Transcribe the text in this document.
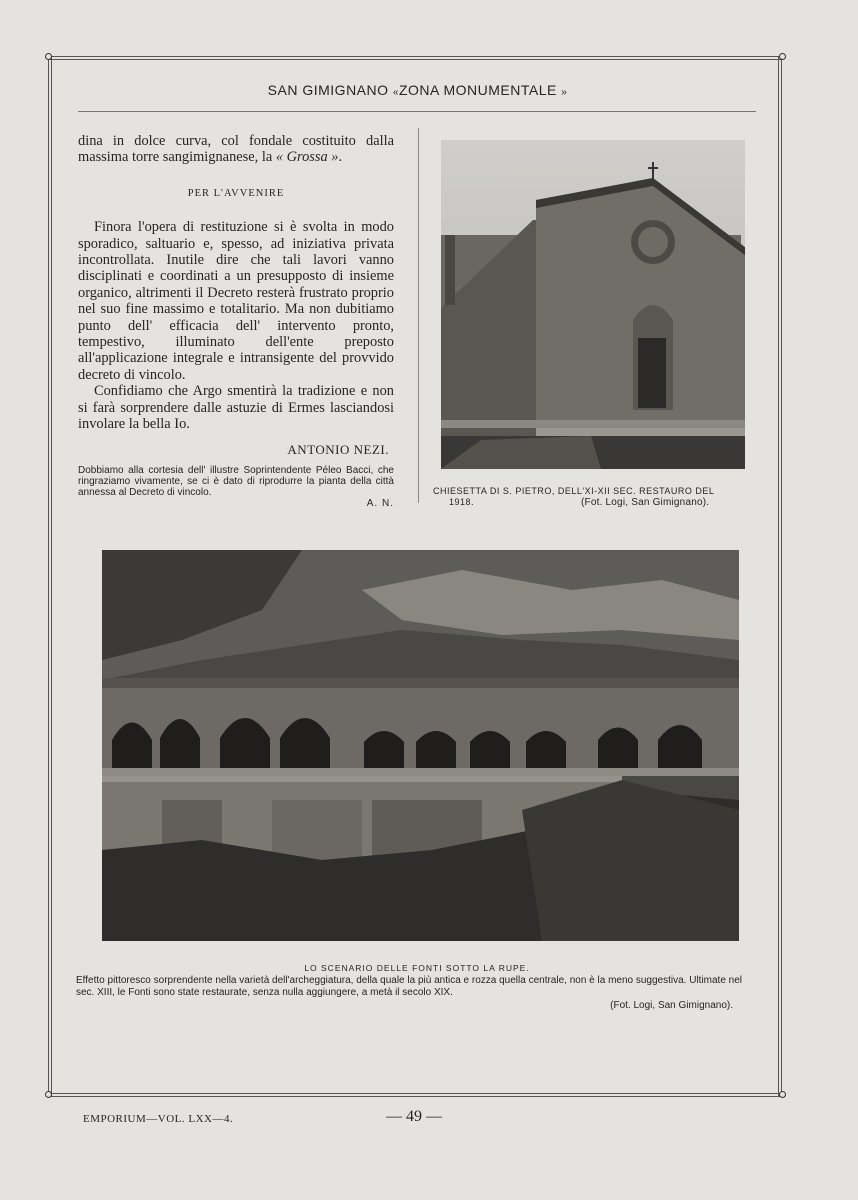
SAN GIMIGNANO «ZONA MONUMENTALE »

dina in dolce curva, col fondale costituito dalla massima torre sangimignanese, la « Grossa ».

PER L'AVVENIRE

Finora l'opera di restituzione si è svolta in modo sporadico, saltuario e, spesso, ad iniziativa privata incontrollata. Inutile dire che tali lavori vanno disciplinati e coordinati a un presupposto di insieme organico, altrimenti il Decreto resterà frustrato proprio nel suo fine massimo e totalitario. Ma non dubitiamo punto dell' efficacia dell' intervento pronto, tempestivo, illuminato dell'ente preposto all'applicazione integrale e intransigente del provvido decreto di vincolo.

Confidiamo che Argo smentirà la tradizione e non si farà sorprendere dalle astuzie di Ermes lasciandosi involare la bella Io.

ANTONIO NEZI.
Dobbiamo alla cortesia dell' illustre Soprintendente Péleo Bacci, che ringraziamo vivamente, se ci è dato di riprodurre la pianta della città annessa al Decreto di vincolo.
A. N.
CHIESETTA DI S. PIETRO, DELL'XI-XII SEC. RESTAURO DEL
1918.	(Fot. Logi, San Gimignano).
LO SCENARIO DELLE FONTI SOTTO LA RUPE.
Effetto pittoresco sorprendente nella varietà dell'archeggiatura, della quale la più antica e rozza quella centrale, non è la meno suggestiva. Ultimate nel sec. XIII, le Fonti sono state restaurate, senza nulla aggiungere, a metà il secolo XIX.
(Fot. Logi, San Gimignano).
EMPORIUM—VOL. LXX—4.	— 49 —
